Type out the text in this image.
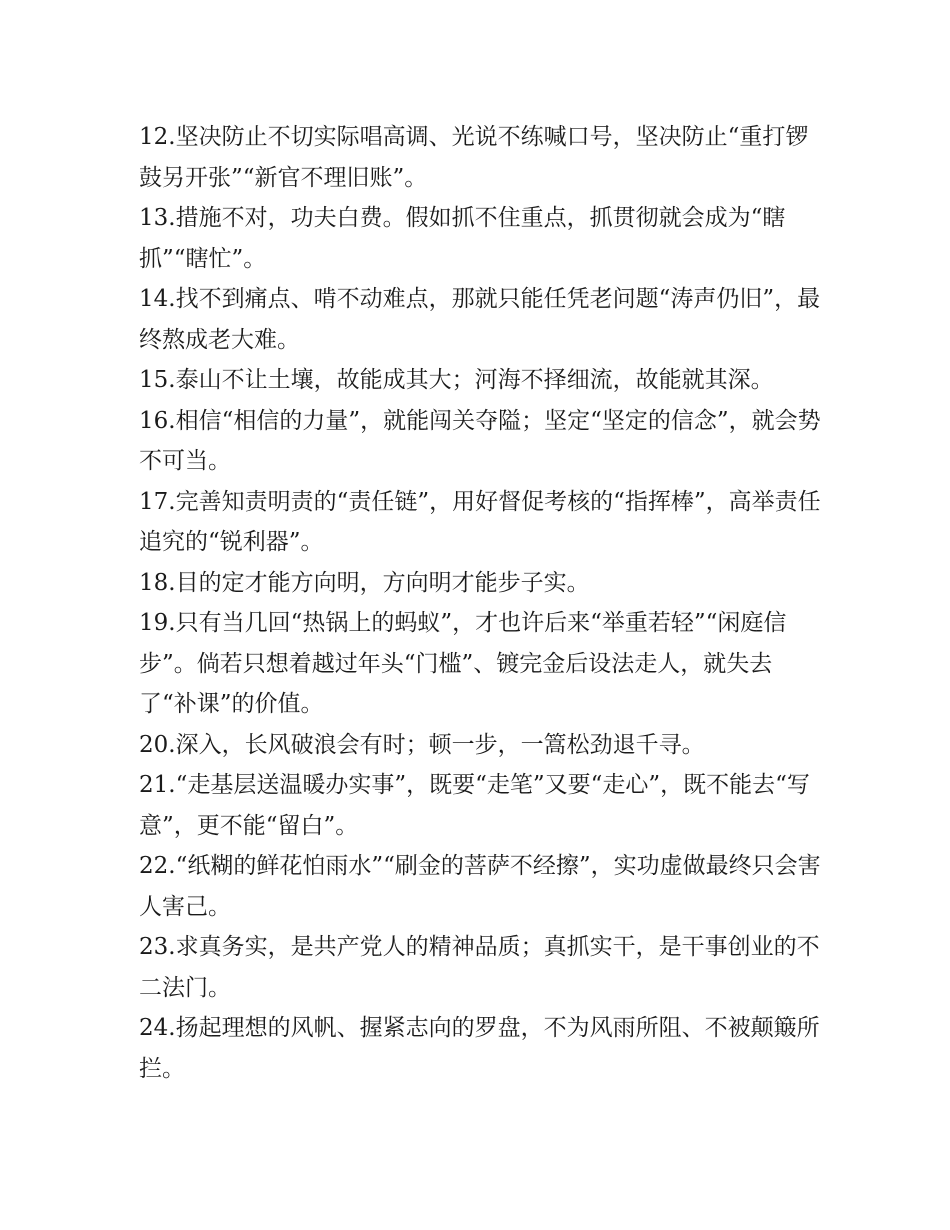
12.坚决防止不切实际唱高调、光说不练喊口号，坚决防止“重打锣鼓另开张”“新官不理旧账”。

13.措施不对，功夫白费。假如抓不住重点，抓贯彻就会成为“瞎抓”“瞎忙”。

14.找不到痛点、啃不动难点，那就只能任凭老问题“涛声仍旧”，最终熬成老大难。

15.泰山不让土壤，故能成其大；河海不择细流，故能就其深。

16.相信“相信的力量”，就能闯关夺隘；坚定“坚定的信念”，就会势不可当。

17.完善知责明责的“责任链”，用好督促考核的“指挥棒”，高举责任追究的“锐利器”。

18.目的定才能方向明，方向明才能步子实。

19.只有当几回“热锅上的蚂蚁”，才也许后来“举重若轻”“闲庭信步”。倘若只想着越过年头“门槛”、镀完金后设法走人，就失去了“补课”的价值。

20.深入，长风破浪会有时；顿一步，一篙松劲退千寻。

21.“走基层送温暖办实事”，既要“走笔”又要“走心”，既不能去“写意”，更不能“留白”。

22.“纸糊的鲜花怕雨水”“刷金的菩萨不经擦”，实功虚做最终只会害人害己。

23.求真务实，是共产党人的精神品质；真抓实干，是干事创业的不二法门。

24.扬起理想的风帆、握紧志向的罗盘，不为风雨所阻、不被颠簸所拦。
